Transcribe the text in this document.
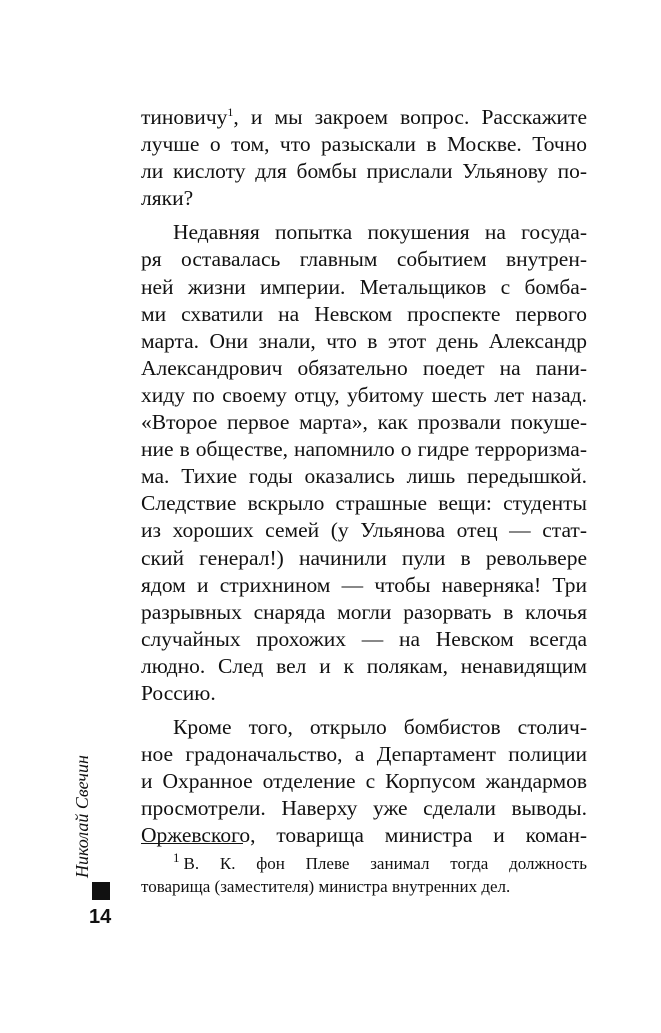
тиновичу$^1$, и мы закроем вопрос. Расскажите
лучше о том, что разыскали в Москве. Точно
ли кислоту для бомбы прислали Ульянову по-
ляки?
Недавняя попытка покушения на госуда-
ря оставалась главным событием внутрен-
ней жизни империи. Метальщиков с бомба-
ми схватили на Невском проспекте первого
марта. Они знали, что в этот день Александр
Александрович обязательно поедет на пани-
хиду по своему отцу, убитому шесть лет назад.
«Второе первое марта», как прозвали покуше-
ние в обществе, напомнило о гидре терроризма-
ма. Тихие годы оказались лишь передышкой.
Следствие вскрыло страшные вещи: студенты
из хороших семей (у Ульянова отец — стат-
ский генерал!) начинили пули в револьвере
ядом и стрихнином — чтобы наверняка! Три
разрывных снаряда могли разорвать в клочья
случайных прохожих — на Невском всегда
людно. След вел и к полякам, ненавидящим
Россию.
Кроме того, открыло бомбистов столич-
ное градоначальство, а Департамент полиции
и Охранное отделение с Корпусом жандармов
просмотрели. Наверху уже сделали выводы.
Оржевского, товарища министра и коман-
$^1$ В. К. фон Плеве занимал тогда должность
товарища (заместителя) министра внутренних дел.
Николай Свечин
14
